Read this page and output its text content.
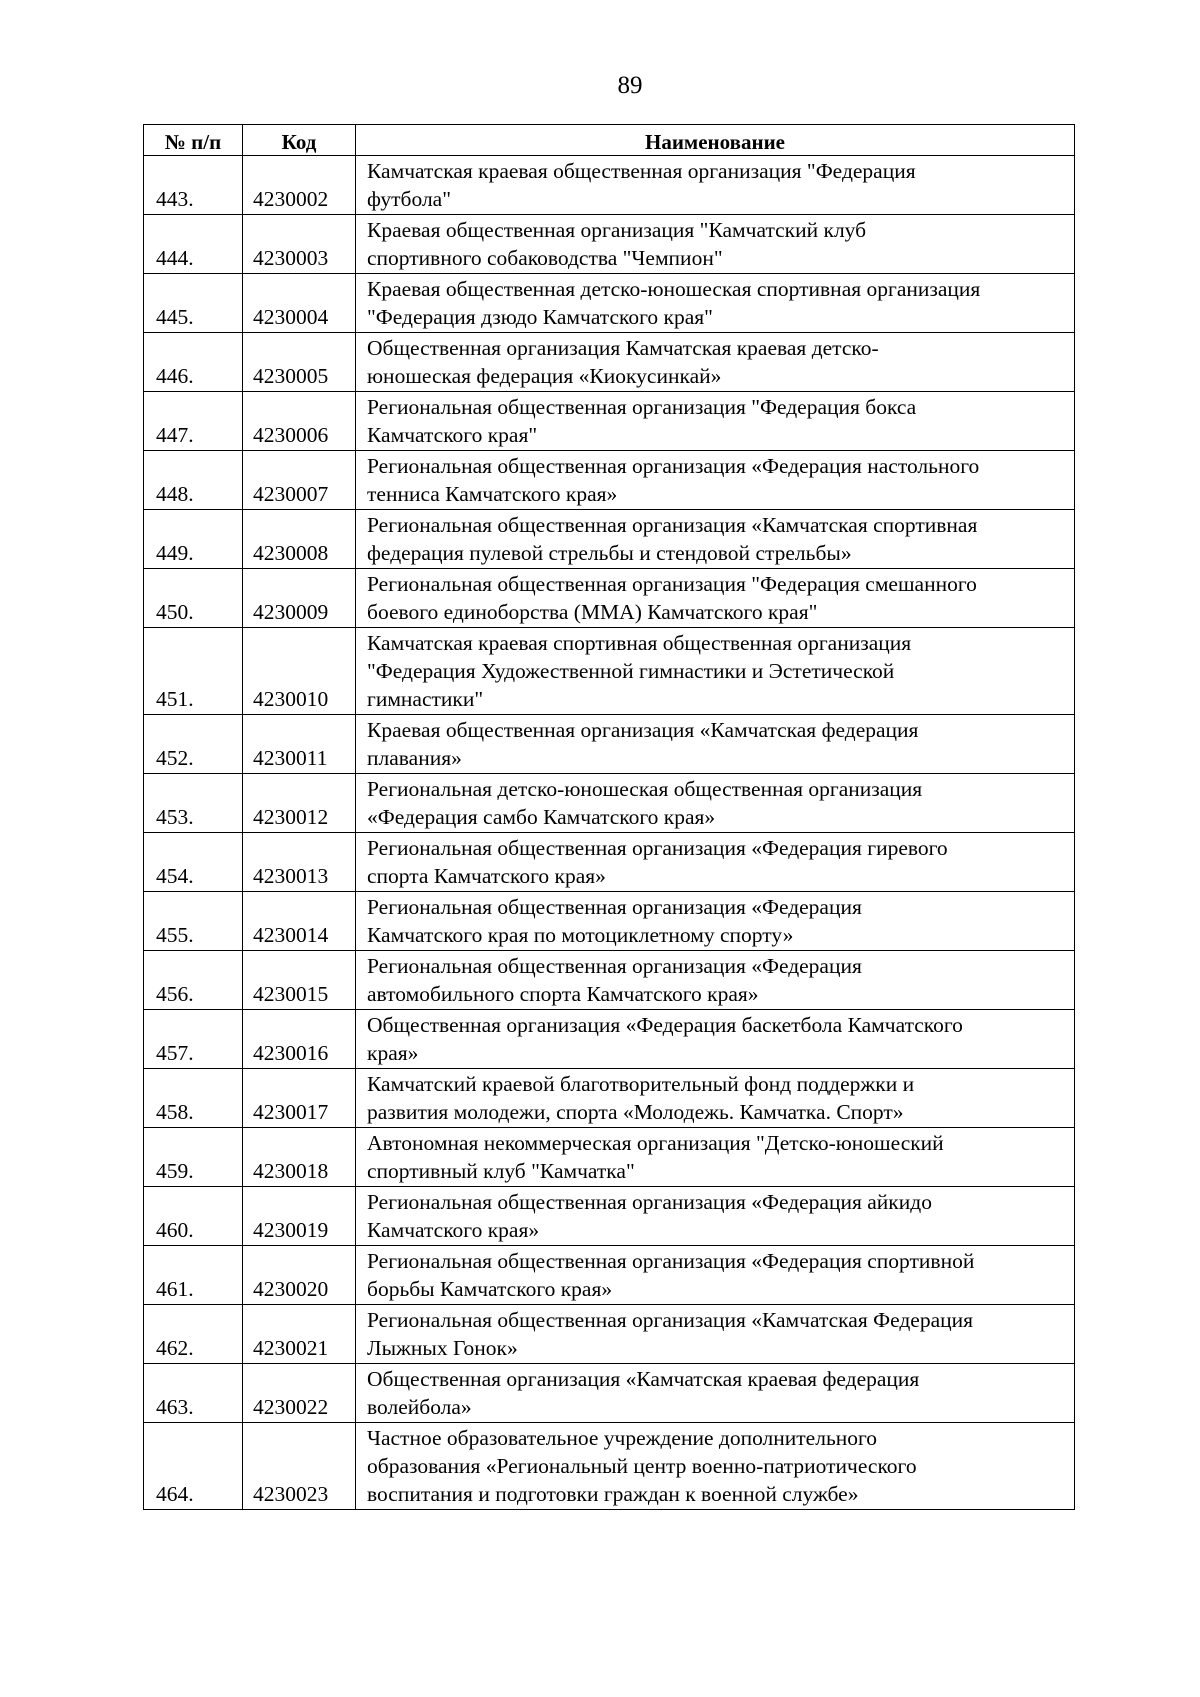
89
№ п/п	Код	Наименование
443.	4230002	Камчатская краевая общественная организация "Федерация
футбола"

444.	4230003	Краевая общественная организация "Камчатский клуб
спортивного собаководства "Чемпион"

445.	4230004	Краевая общественная детско-юношеская спортивная организация
"Федерация дзюдо Камчатского края"

446.	4230005	Общественная организация Камчатская краевая детско-
юношеская федерация «Киокусинкай»

447.	4230006	Региональная общественная организация "Федерация бокса
Камчатского края"

448.	4230007	Региональная общественная организация «Федерация настольного
тенниса Камчатского края»

449.	4230008	Региональная общественная организация «Камчатская спортивная
федерация пулевой стрельбы и стендовой стрельбы»

450.	4230009	Региональная общественная организация "Федерация смешанного
боевого единоборства (ММА) Камчатского края"

451.	4230010	Камчатская краевая спортивная общественная организация
"Федерация Художественной гимнастики и Эстетической
гимнастики"

452.	4230011	Краевая общественная организация «Камчатская федерация
плавания»

453.	4230012	Региональная детско-юношеская общественная организация
«Федерация самбо Камчатского края»

454.	4230013	Региональная общественная организация «Федерация гиревого
спорта Камчатского края»

455.	4230014	Региональная общественная организация «Федерация
Камчатского края по мотоциклетному спорту»

456.	4230015	Региональная общественная организация «Федерация
автомобильного спорта Камчатского края»

457.	4230016	Общественная организация «Федерация баскетбола Камчатского
края»

458.	4230017	Камчатский краевой благотворительный фонд поддержки и
развития молодежи, спорта «Молодежь. Камчатка. Спорт»

459.	4230018	Автономная некоммерческая организация "Детско-юношеский
спортивный клуб "Камчатка"

460.	4230019	Региональная общественная организация «Федерация айкидо
Камчатского края»

461.	4230020	Региональная общественная организация «Федерация спортивной
борьбы Камчатского края»

462.	4230021	Региональная общественная организация «Камчатская Федерация
Лыжных Гонок»

463.	4230022	Общественная организация «Камчатская краевая федерация
волейбола»

464.	4230023	Частное образовательное учреждение дополнительного
образования «Региональный центр военно-патриотического
воспитания и подготовки граждан к военной службе»
